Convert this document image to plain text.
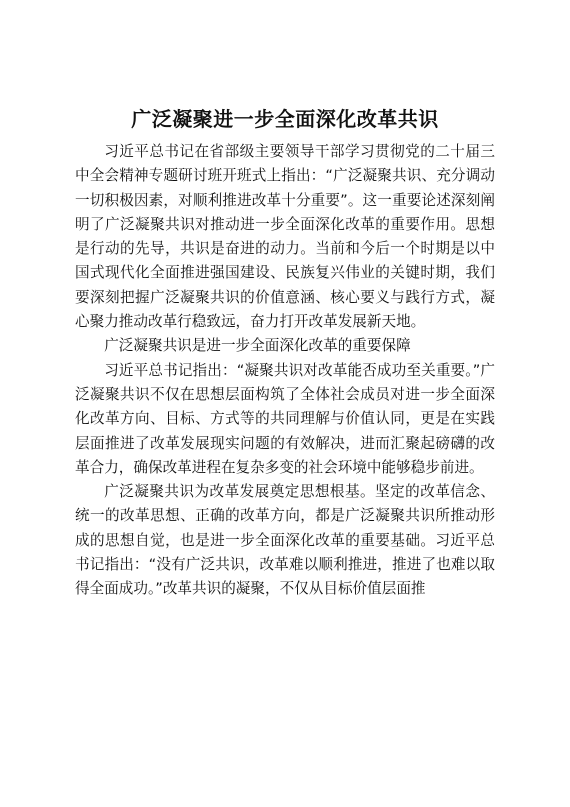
广泛凝聚进一步全面深化改革共识

习近平总书记在省部级主要领导干部学习贯彻党的二十届三中全会精神专题研讨班开班式上指出：“广泛凝聚共识、充分调动一切积极因素，对顺利推进改革十分重要”。这一重要论述深刻阐明了广泛凝聚共识对推动进一步全面深化改革的重要作用。思想是行动的先导，共识是奋进的动力。当前和今后一个时期是以中国式现代化全面推进强国建设、民族复兴伟业的关键时期，我们要深刻把握广泛凝聚共识的价值意涵、核心要义与践行方式，凝心聚力推动改革行稳致远，奋力打开改革发展新天地。

广泛凝聚共识是进一步全面深化改革的重要保障

习近平总书记指出：“凝聚共识对改革能否成功至关重要。”广泛凝聚共识不仅在思想层面构筑了全体社会成员对进一步全面深化改革方向、目标、方式等的共同理解与价值认同，更是在实践层面推进了改革发展现实问题的有效解决，进而汇聚起磅礴的改革合力，确保改革进程在复杂多变的社会环境中能够稳步前进。

广泛凝聚共识为改革发展奠定思想根基。坚定的改革信念、统一的改革思想、正确的改革方向，都是广泛凝聚共识所推动形成的思想自觉，也是进一步全面深化改革的重要基础。习近平总书记指出：“没有广泛共识，改革难以顺利推进，推进了也难以取得全面成功。”改革共识的凝聚，不仅从目标价值层面推
